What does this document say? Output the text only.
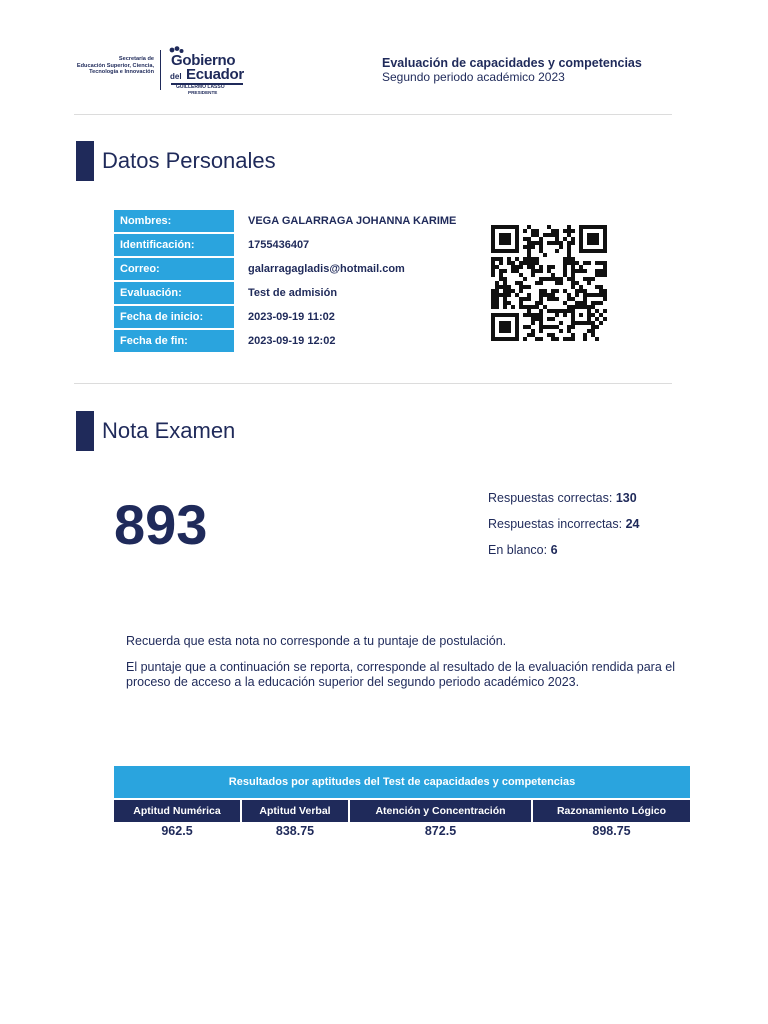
Secretaría de
Educación Superior, Ciencia,
Tecnología e Innovación
Gobierno
del Ecuador
GUILLERMO LASSO
PRESIDENTE
Evaluación de capacidades y competencias
Segundo periodo académico 2023
Datos Personales
Nombres:	VEGA GALARRAGA JOHANNA KARIME
Identificación:	1755436407
Correo:	galarragagladis@hotmail.com
Evaluación:	Test de admisión
Fecha de inicio:	2023-09-19 11:02
Fecha de fin:	2023-09-19 12:02
Nota Examen
893	Respuestas correctas: 130
Respuestas incorrectas: 24
En blanco: 6
Recuerda que esta nota no corresponde a tu puntaje de postulación.
El puntaje que a continuación se reporta, corresponde al resultado de la evaluación rendida para el proceso de acceso a la educación superior del segundo periodo académico 2023.
Resultados por aptitudes del Test de capacidades y competencias
Aptitud Numérica	Aptitud Verbal	Atención y Concentración	Razonamiento Lógico
962.5	838.75	872.5	898.75
